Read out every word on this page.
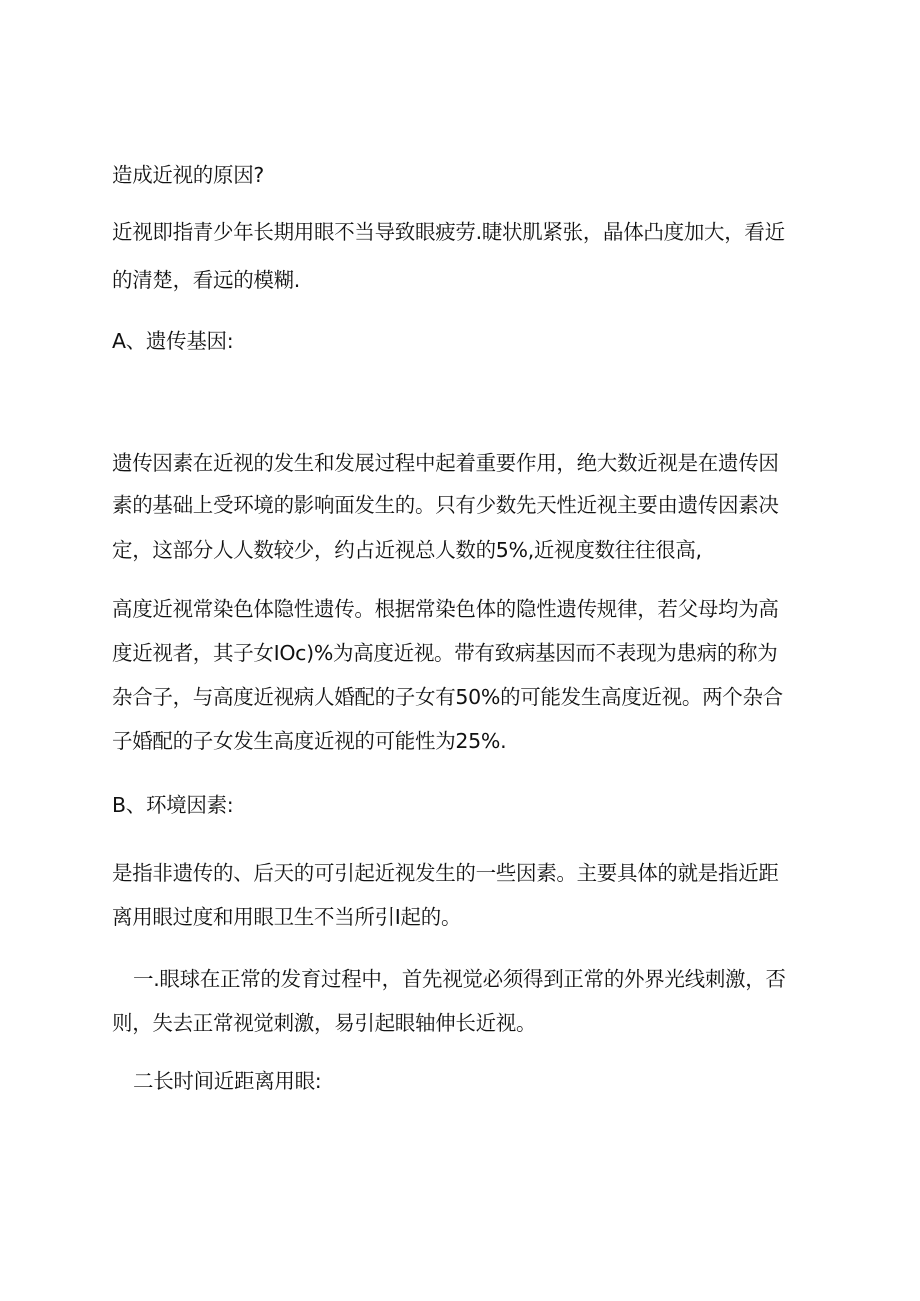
造成近视的原因?
近视即指青少年长期用眼不当导致眼疲劳.睫状肌紧张，晶体凸度加大，看近
的清楚，看远的模糊.
A、遗传基因:
遗传因素在近视的发生和发展过程中起着重要作用，绝大数近视是在遗传因
素的基础上受环境的影响面发生的。只有少数先天性近视主要由遗传因素决
定，这部分人人数较少，约占近视总人数的5%,近视度数往往很高,
高度近视常染色体隐性遗传。根据常染色体的隐性遗传规律，若父母均为高
度近视者，其子女IOc)%为高度近视。带有致病基因而不表现为患病的称为
杂合子，与高度近视病人婚配的子女有50%的可能发生高度近视。两个杂合
子婚配的子女发生高度近视的可能性为25%.
B、环境因素:
是指非遗传的、后天的可引起近视发生的一些因素。主要具体的就是指近距
离用眼过度和用眼卫生不当所引I起的。
一.眼球在正常的发育过程中，首先视觉必须得到正常的外界光线刺激，否
则，失去正常视觉刺激，易引起眼轴伸长近视。
二长时间近距离用眼:
